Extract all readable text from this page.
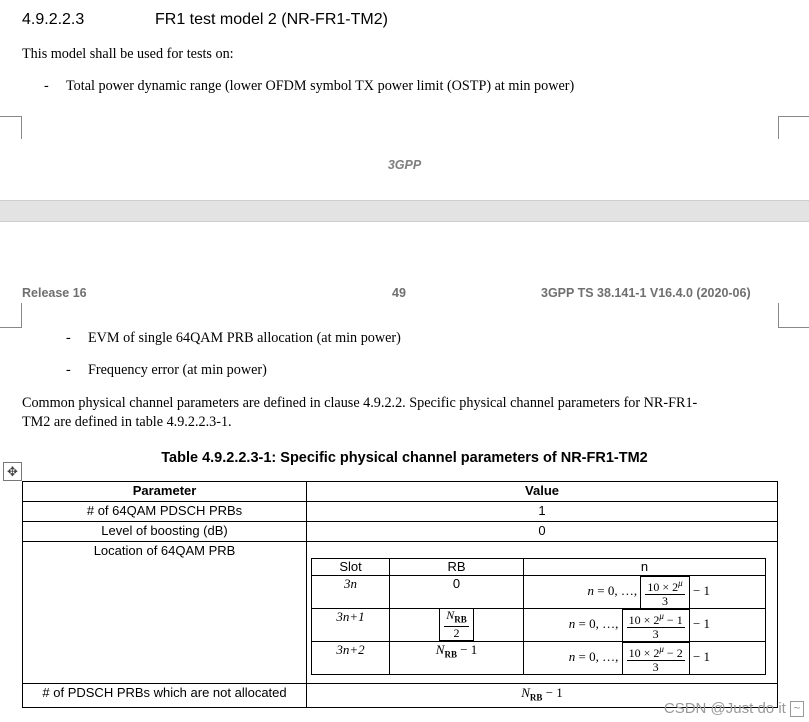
4.9.2.2.3	FR1 test model 2 (NR-FR1-TM2)
This model shall be used for tests on:
- Total power dynamic range (lower OFDM symbol TX power limit (OSTP) at min power)
3GPP
Release 16	49	3GPP TS 38.141-1 V16.4.0 (2020-06)
- EVM of single 64QAM PRB allocation (at min power)
- Frequency error (at min power)
Common physical channel parameters are defined in clause 4.9.2.2. Specific physical channel parameters for NR-FR1-
TM2 are defined in table 4.9.2.2.3-1.
Table 4.9.2.2.3-1: Specific physical channel parameters of NR-FR1-TM2
✥
Parameter	Value
# of 64QAM PDSCH PRBs	1
Level of boosting (dB)	0
Location of 64QAM PRB	
Slot	RB	n
3n	0	n = 0, …, $\frac{10 \times 2^\mu}{3} - 1$
3n+1	$\frac{N_{RB}}{2}$	n = 0, …, $\frac{10 \times 2^\mu - 1}{3} - 1$
3n+2	$N_{RB} - 1$	n = 0, …, $\frac{10 \times 2^\mu - 2}{3} - 1$

# of PDSCH PRBs which are not allocated	$N_{RB} - 1$
CSDN @Just do it ~
